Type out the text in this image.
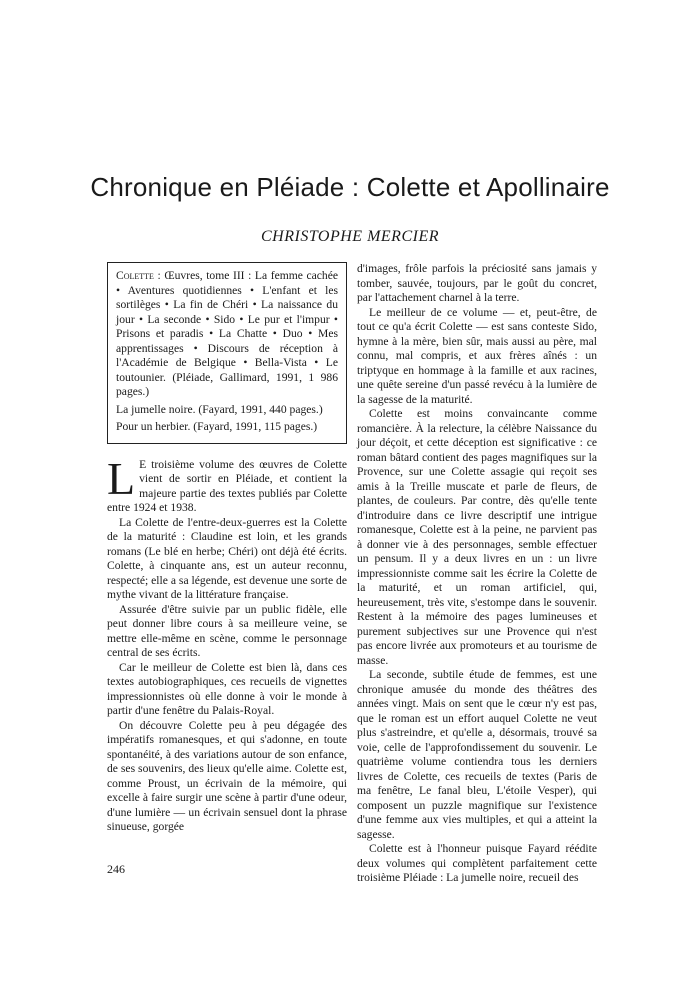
Chronique en Pléiade : Colette et Apollinaire
CHRISTOPHE MERCIER

Colette : Œuvres, tome III : La femme cachée • Aventures quotidiennes • L'enfant et les sortilèges • La fin de Chéri • La naissance du jour • La seconde • Sido • Le pur et l'impur • Prisons et paradis • La Chatte • Duo • Mes apprentissages • Discours de réception à l'Académie de Belgique • Bella-Vista • Le toutounier. (Pléiade, Gallimard, 1991, 1 986 pages.)

La jumelle noire. (Fayard, 1991, 440 pages.)

Pour un herbier. (Fayard, 1991, 115 pages.)

L E troisième volume des œuvres de Colette vient de sortir en Pléiade, et contient la majeure partie des textes publiés par Colette entre 1924 et 1938.

La Colette de l'entre-deux-guerres est la Colette de la maturité : Claudine est loin, et les grands romans (Le blé en herbe; Chéri) ont déjà été écrits. Colette, à cinquante ans, est un auteur reconnu, respecté; elle a sa légende, est devenue une sorte de mythe vivant de la littérature française.

Assurée d'être suivie par un public fidèle, elle peut donner libre cours à sa meilleure veine, se mettre elle-même en scène, comme le personnage central de ses écrits.

Car le meilleur de Colette est bien là, dans ces textes autobiographiques, ces recueils de vignettes impressionnistes où elle donne à voir le monde à partir d'une fenêtre du Palais-Royal.

On découvre Colette peu à peu dégagée des impératifs romanesques, et qui s'adonne, en toute spontanéité, à des variations autour de son enfance, de ses souvenirs, des lieux qu'elle aime. Colette est, comme Proust, un écrivain de la mémoire, qui excelle à faire surgir une scène à partir d'une odeur, d'une lumière — un écrivain sensuel dont la phrase sinueuse, gorgée

d'images, frôle parfois la préciosité sans jamais y tomber, sauvée, toujours, par le goût du concret, par l'attachement charnel à la terre.

Le meilleur de ce volume — et, peut-être, de tout ce qu'a écrit Colette — est sans conteste Sido, hymne à la mère, bien sûr, mais aussi au père, mal connu, mal compris, et aux frères aînés : un triptyque en hommage à la famille et aux racines, une quête sereine d'un passé revécu à la lumière de la sagesse de la maturité.

Colette est moins convaincante comme romancière. À la relecture, la célèbre Naissance du jour déçoit, et cette déception est significative : ce roman bâtard contient des pages magnifiques sur la Provence, sur une Colette assagie qui reçoit ses amis à la Treille muscate et parle de fleurs, de plantes, de couleurs. Par contre, dès qu'elle tente d'introduire dans ce livre descriptif une intrigue romanesque, Colette est à la peine, ne parvient pas à donner vie à des personnages, semble effectuer un pensum. Il y a deux livres en un : un livre impressionniste comme sait les écrire la Colette de la maturité, et un roman artificiel, qui, heureusement, très vite, s'estompe dans le souvenir. Restent à la mémoire des pages lumineuses et purement subjectives sur une Provence qui n'est pas encore livrée aux promoteurs et au tourisme de masse.

La seconde, subtile étude de femmes, est une chronique amusée du monde des théâtres des années vingt. Mais on sent que le cœur n'y est pas, que le roman est un effort auquel Colette ne veut plus s'astreindre, et qu'elle a, désormais, trouvé sa voie, celle de l'approfondissement du souvenir. Le quatrième volume contiendra tous les derniers livres de Colette, ces recueils de textes (Paris de ma fenêtre, Le fanal bleu, L'étoile Vesper), qui composent un puzzle magnifique sur l'existence d'une femme aux vies multiples, et qui a atteint la sagesse.

Colette est à l'honneur puisque Fayard réédite deux volumes qui complètent parfaitement cette troisième Pléiade : La jumelle noire, recueil des

246
